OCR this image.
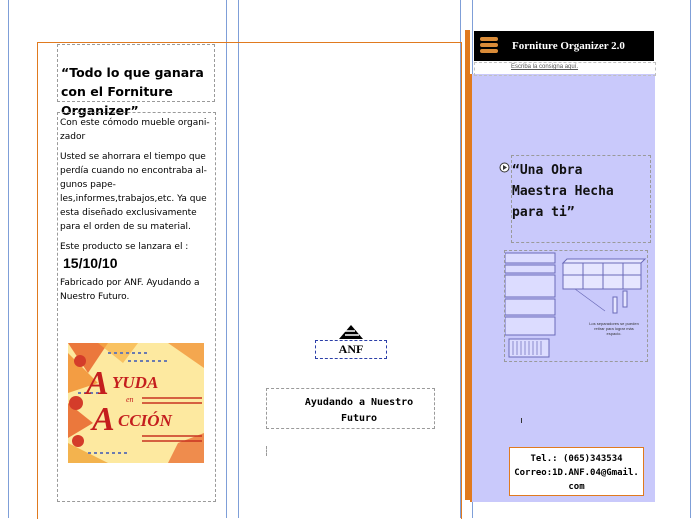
“Todo lo que ganara con el Forniture Organizer”
Con este cómodo mueble organi-zador
Usted se ahorrara el tiempo que perdía cuando no encontraba al-gunos pape-les,informes,trabajos,etc. Ya que esta diseñado exclusivamente para el orden de su material.
Este producto se lanzara el :
15/10/10
Fabricado por ANF. Ayudando a Nuestro Futuro.
A YUDA
en
A CCIÓN
ANF
Ayudando a Nuestro Futuro
Forniture Organizer 2.0
Escriba la consigna aquí.
“Una Obra Maestra Hecha para ti”
Los separadores se pueden retirar para lograr más espacio.
Tel.: (065)343534
Correo:1D.ANF.04@Gmail. com
